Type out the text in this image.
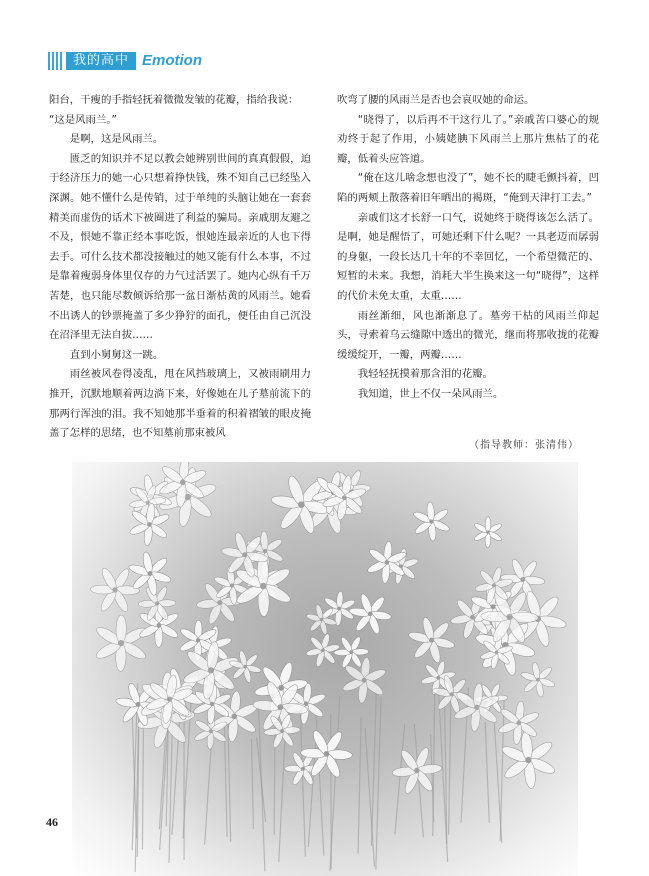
我的高中 Emotion

阳台，干瘦的手指轻抚着微微发皱的花瓣，指给我说：

“这是风雨兰。”

是啊，这是风雨兰。

匮乏的知识并不足以教会她辨别世间的真真假假，迫于经济压力的她一心只想着挣快钱，殊不知自己已经坠入深渊。她不懂什么是传销，过于单纯的头脑让她在一套套精美而虚伪的话术下被圈进了利益的骗局。亲戚朋友避之不及，恨她不靠正经本事吃饭，恨她连最亲近的人也下得去手。可什么技术都没接触过的她又能有什么本事，不过是靠着瘦弱身体里仅存的力气过活罢了。她内心纵有千万苦楚，也只能尽数倾诉给那一盆日渐枯黄的风雨兰。她看不出诱人的钞票掩盖了多少狰狞的面孔，便任由自己沉没在沼泽里无法自拔……

直到小舅舅这一跳。

雨丝被风卷得凌乱，甩在风挡玻璃上，又被雨刷用力推开，沉默地顺着两边淌下来，好像她在儿子墓前流下的那两行浑浊的泪。我不知她那半垂着的积着褶皱的眼皮掩盖了怎样的思绪，也不知墓前那束被风

吹弯了腰的风雨兰是否也会哀叹她的命运。

“晓得了，以后再不干这行儿了。”亲戚苦口婆心的规劝终于起了作用，小姨姥腆下风雨兰上那片焦枯了的花瓣，低着头应答道。

“俺在这儿啥念想也没了”，她不长的睫毛颤抖着，凹陷的两颊上散落着旧年晒出的褐斑，“俺到天津打工去。”

亲戚们这才长舒一口气，说她终于晓得该怎么活了。是啊，她是醒悟了，可她还剩下什么呢？一具老迈而孱弱的身躯，一段长达几十年的不幸回忆，一个希望微茫的、短暂的未来。我想，消耗大半生换来这一句“晓得”，这样的代价未免太重，太重……

雨丝渐细，风也渐渐息了。墓旁干枯的风雨兰仰起头，寻索着乌云缝隙中透出的微光，继而将那收拢的花瓣缓缓绽开，一瓣，两瓣……

我轻轻抚摸着那含泪的花瓣。

我知道，世上不仅一朵风雨兰。

（指导教师：张清伟）
46
